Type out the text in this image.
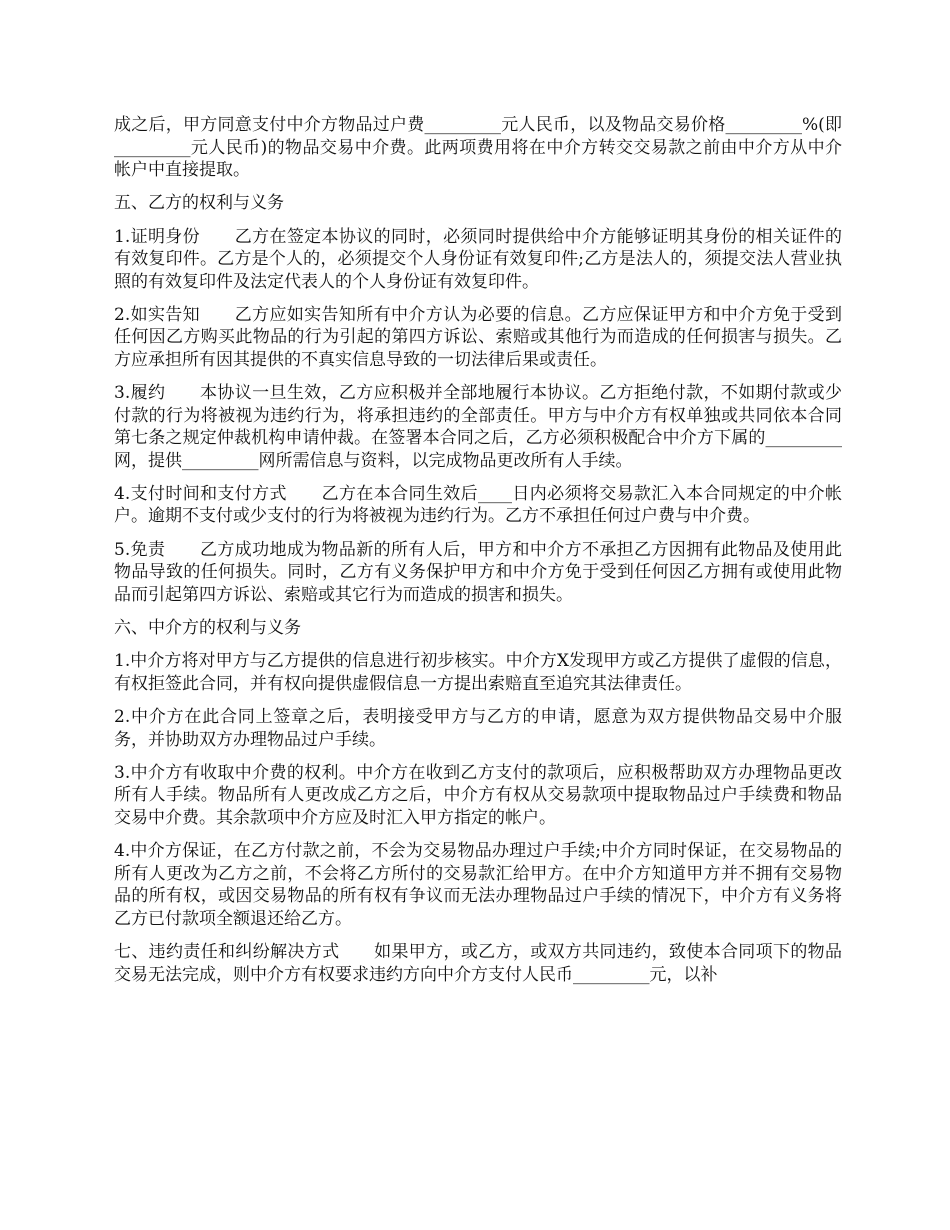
成之后，甲方同意支付中介方物品过户费_________元人民币，以及物品交易价格_________%(即　　_________元人民币)的物品交易中介费。此两项费用将在中介方转交交易款之前由中介方从中介帐户中直接提取。

五、乙方的权利与义务

1.证明身份　　乙方在签定本协议的同时，必须同时提供给中介方能够证明其身份的相关证件的有效复印件。乙方是个人的，必须提交个人身份证有效复印件;乙方是法人的，须提交法人营业执照的有效复印件及法定代表人的个人身份证有效复印件。

2.如实告知　　乙方应如实告知所有中介方认为必要的信息。乙方应保证甲方和中介方免于受到任何因乙方购买此物品的行为引起的第四方诉讼、索赔或其他行为而造成的任何损害与损失。乙方应承担所有因其提供的不真实信息导致的一切法律后果或责任。

3.履约　　本协议一旦生效，乙方应积极并全部地履行本协议。乙方拒绝付款，不如期付款或少付款的行为将被视为违约行为，将承担违约的全部责任。甲方与中介方有权单独或共同依本合同第七条之规定仲裁机构申请仲裁。在签署本合同之后，乙方必须积极配合中介方下属的_________网，提供_________网所需信息与资料，以完成物品更改所有人手续。

4.支付时间和支付方式　　乙方在本合同生效后____日内必须将交易款汇入本合同规定的中介帐户。逾期不支付或少支付的行为将被视为违约行为。乙方不承担任何过户费与中介费。

5.免责　　乙方成功地成为物品新的所有人后，甲方和中介方不承担乙方因拥有此物品及使用此物品导致的任何损失。同时，乙方有义务保护甲方和中介方免于受到任何因乙方拥有或使用此物品而引起第四方诉讼、索赔或其它行为而造成的损害和损失。

六、中介方的权利与义务

1.中介方将对甲方与乙方提供的信息进行初步核实。中介方X发现甲方或乙方提供了虚假的信息，有权拒签此合同，并有权向提供虚假信息一方提出索赔直至追究其法律责任。

2.中介方在此合同上签章之后，表明接受甲方与乙方的申请，愿意为双方提供物品交易中介服务，并协助双方办理物品过户手续。

3.中介方有收取中介费的权利。中介方在收到乙方支付的款项后，应积极帮助双方办理物品更改所有人手续。物品所有人更改成乙方之后，中介方有权从交易款项中提取物品过户手续费和物品交易中介费。其余款项中介方应及时汇入甲方指定的帐户。

4.中介方保证，在乙方付款之前，不会为交易物品办理过户手续;中介方同时保证，在交易物品的所有人更改为乙方之前，不会将乙方所付的交易款汇给甲方。在中介方知道甲方并不拥有交易物品的所有权，或因交易物品的所有权有争议而无法办理物品过户手续的情况下，中介方有义务将乙方已付款项全额退还给乙方。

七、违约责任和纠纷解决方式　　如果甲方，或乙方，或双方共同违约，致使本合同项下的物品交易无法完成，则中介方有权要求违约方向中介方支付人民币_________元，以补
